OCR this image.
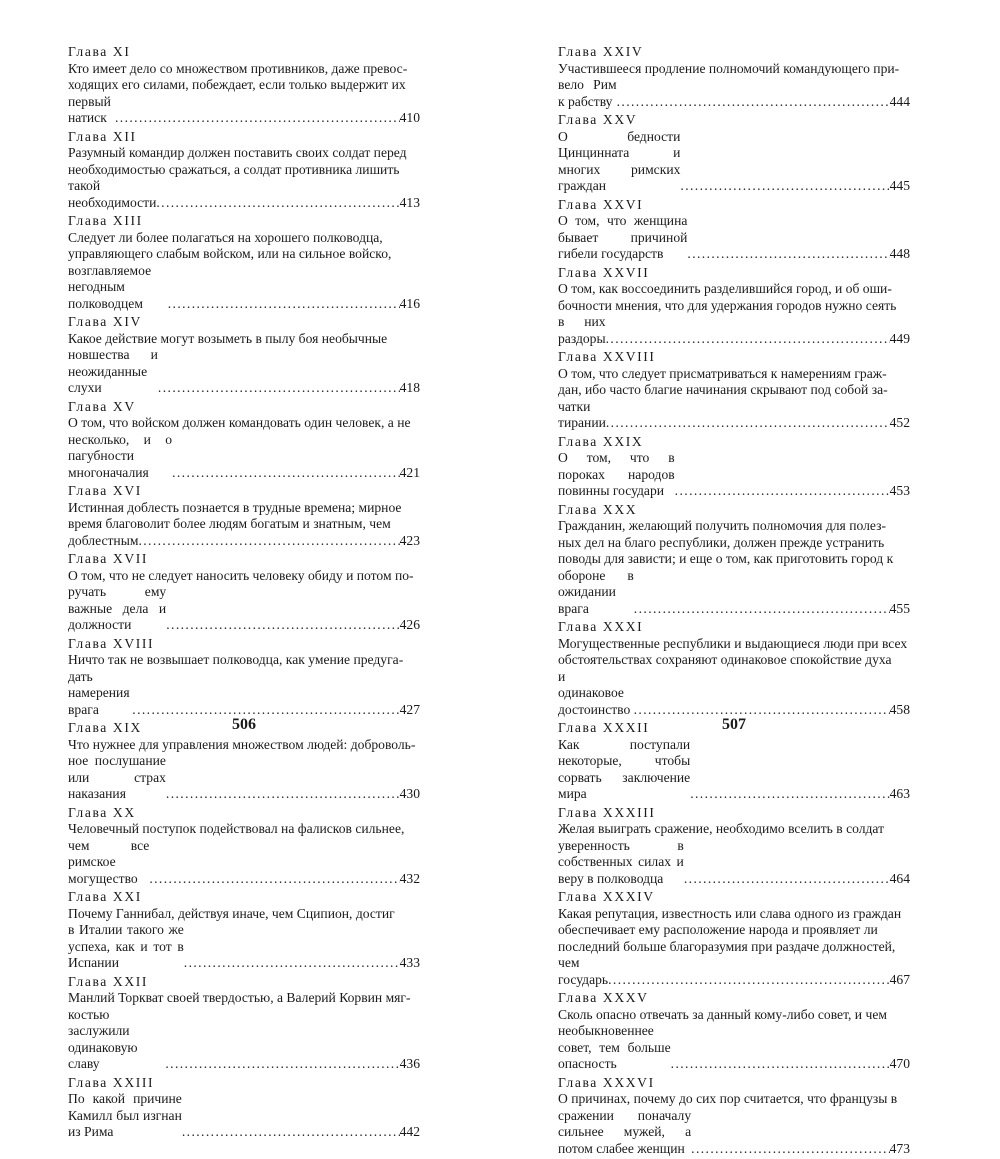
Глава XI
Кто имеет дело со множеством противников, даже превос-
ходящих его силами, побеждает, если только выдержит их
первый натиск . . .	410
Глава XII
Разумный командир должен поставить своих солдат перед
необходимостью сражаться, а солдат противника лишить
такой необходимости . . .	413
Глава XIII
Следует ли более полагаться на хорошего полководца,
управляющего слабым войском, или на сильное войско,
возглавляемое негодным полководцем . . .	416
Глава XIV
Какое действие могут возыметь в пылу боя необычные
новшества и неожиданные слухи . . .	418
Глава XV
О том, что войском должен командовать один человек, а не
несколько, и о пагубности многоначалия . . .	421
Глава XVI
Истинная доблесть познается в трудные времена; мирное
время благоволит более людям богатым и знатным, чем
доблестным . . .	423
Глава XVII
О том, что не следует наносить человеку обиду и потом по-
ручать ему важные дела и должности . . .	426
Глава XVIII
Ничто так не возвышает полководца, как умение предуга-
дать намерения врага . . .	427
Глава XIX
Что нужнее для управления множеством людей: доброволь-
ное послушание или страх наказания . . .	430
Глава XX
Человечный поступок подействовал на фалисков сильнее,
чем все римское могущество . . .	432
Глава XXI
Почему Ганнибал, действуя иначе, чем Сципион, достиг
в Италии такого же успеха, как и тот в Испании . . .	433
Глава XXII
Манлий Торкват своей твердостью, а Валерий Корвин мяг-
костью заслужили одинаковую славу . . .	436
Глава XXIII
По какой причине Камилл был изгнан из Рима . . .	442
Глава XXIV
Участившееся продление полномочий командующего при-
вело Рим к рабству . . .	444
Глава XXV
О бедности Цинцинната и многих римских граждан . . .	445
Глава XXVI
О том, что женщина бывает причиной гибели государств . . .	448
Глава XXVII
О том, как воссоединить разделившийся город, и об оши-
бочности мнения, что для удержания городов нужно сеять
в них раздоры . . .	449
Глава XXVIII
О том, что следует присматриваться к намерениям граж-
дан, ибо часто благие начинания скрывают под собой за-
чатки тирании . . .	452
Глава XXIX
О том, что в пороках народов повинны государи . . .	453
Глава XXX
Гражданин, желающий получить полномочия для полез-
ных дел на благо республики, должен прежде устранить
поводы для зависти; и еще о том, как приготовить город к
обороне в ожидании врага . . .	455
Глава XXXI
Могущественные республики и выдающиеся люди при всех
обстоятельствах сохраняют одинаковое спокойствие духа
и одинаковое достоинство . . .	458
Глава XXXII
Как поступали некоторые, чтобы сорвать заключение мира . . .	463
Глава XXXIII
Желая выиграть сражение, необходимо вселить в солдат
уверенность в собственных силах и веру в полководца . . .	464
Глава XXXIV
Какая репутация, известность или слава одного из граждан
обеспечивает ему расположение народа и проявляет ли
последний больше благоразумия при раздаче должностей,
чем государь . . .	467
Глава XXXV
Сколь опасно отвечать за данный кому-либо совет, и чем
необыкновеннее совет, тем больше опасность . . .	470
Глава XXXVI
О причинах, почему до сих пор считается, что французы в
сражении поначалу сильнее мужей, а потом слабее женщин . . .	473
506	507
